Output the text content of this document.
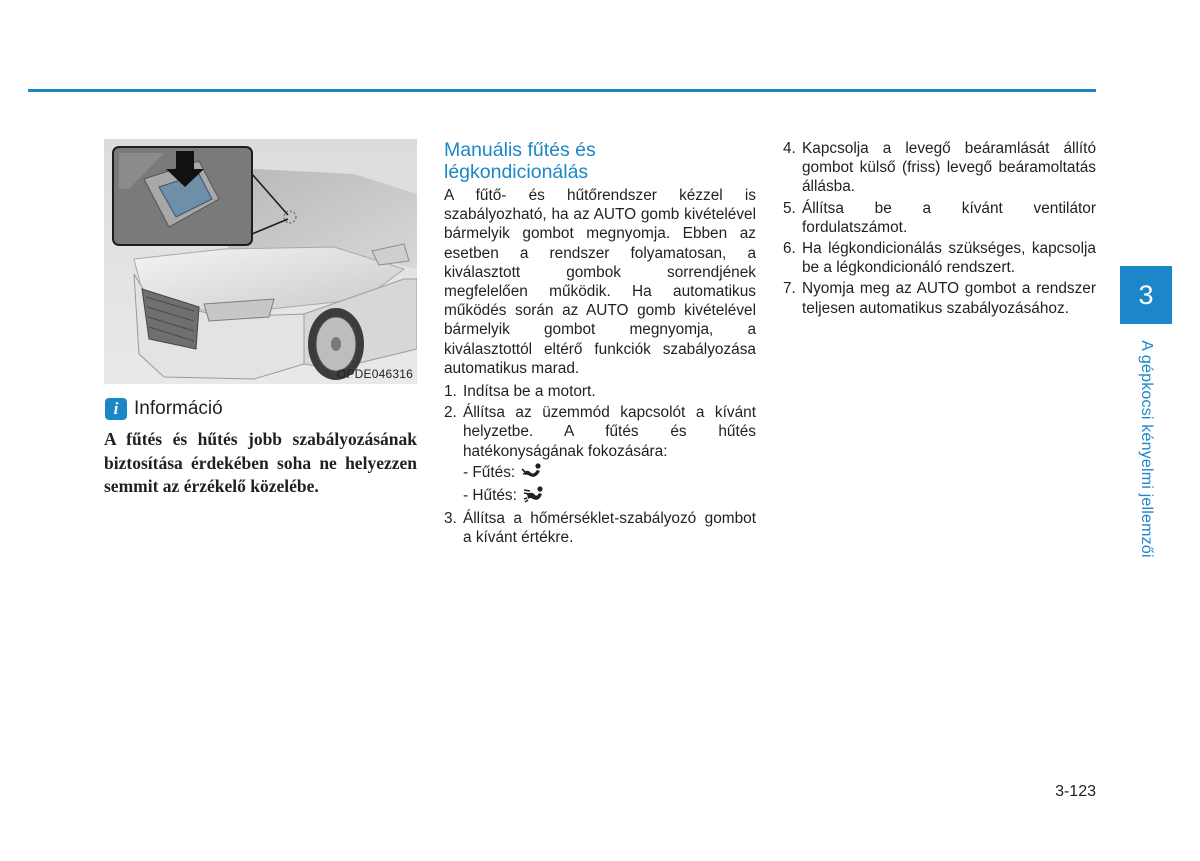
OPDE046316
i Információ
A fűtés és hűtés jobb szabályozásának biztosítása érdekében soha ne helyezzen semmit az érzékelő közelébe.
Manuális fűtés és
légkondicionálás

A fűtő- és hűtőrendszer kézzel is szabályozható, ha az AUTO gomb kivételével bármelyik gombot megnyomja. Ebben az esetben a rendszer folyamatosan, a kiválasztott gombok sorrendjének megfelelően működik. Ha automatikus működés során az AUTO gomb kivételével bármelyik gombot megnyomja, a kiválasztottól eltérő funkciók szabályozása automatikus marad.

1. Indítsa be a motort.
2. Állítsa az üzemmód kapcsolót a kívánt helyzetbe. A fűtés és hűtés hatékonyságának fokozására:
- Fűtés:
- Hűtés:
3. Állítsa a hőmérséklet-szabályozó gombot a kívánt értékre.
4. Kapcsolja a levegő beáramlását állító gombot külső (friss) levegő beáramoltatás állásba.
5. Állítsa be a kívánt ventilátor fordulatszámot.
6. Ha légkondicionálás szükséges, kapcsolja be a légkondicionáló rendszert.
7. Nyomja meg az AUTO gombot a rendszer teljesen automatikus szabályozásához.	3
A gépkocsi kényelmi jellemzői
3-123
